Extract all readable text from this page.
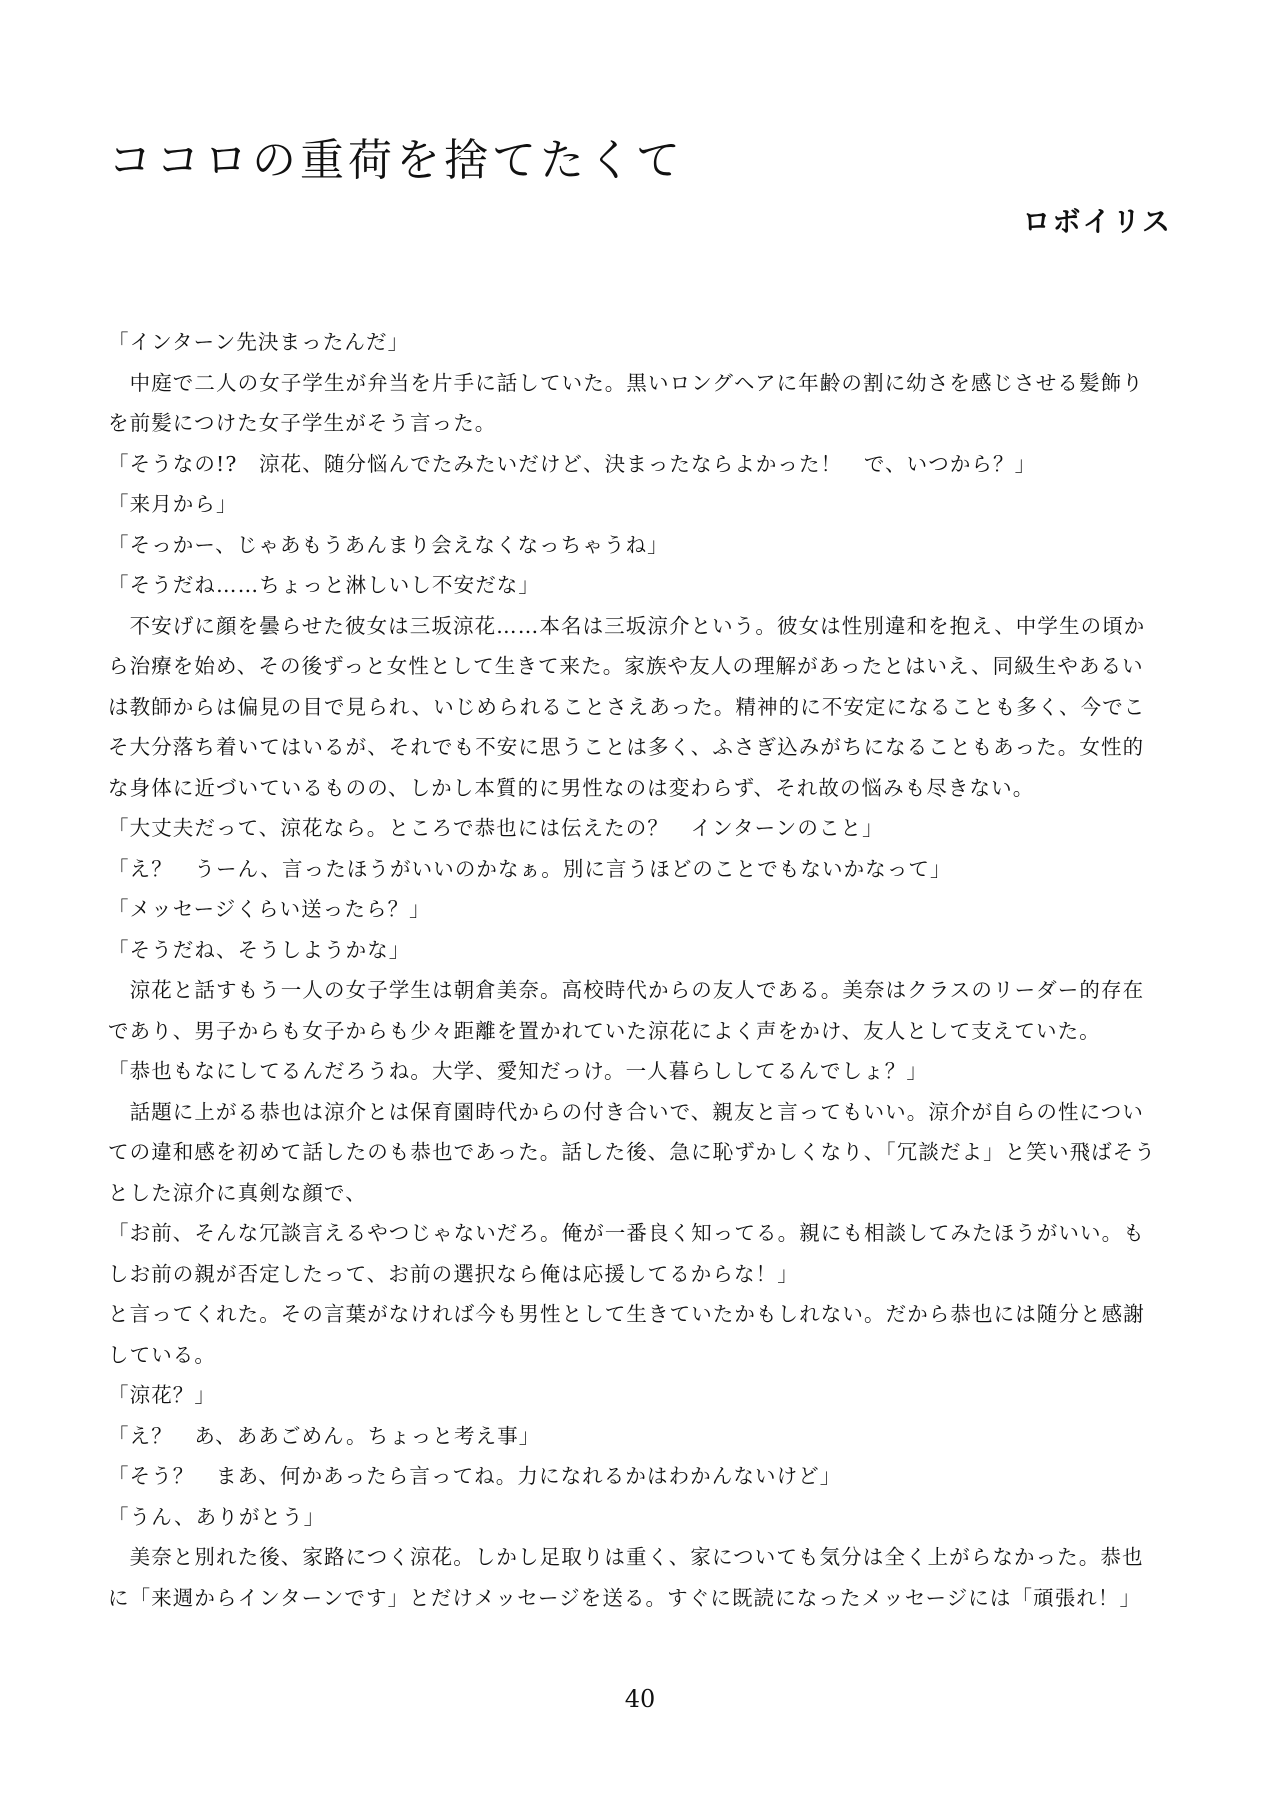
ココロの重荷を捨てたくて
ロボイリス
「インターン先決まったんだ」
　中庭で二人の女子学生が弁当を片手に話していた。黒いロングヘアに年齢の割に幼さを感じさせる髪飾り
を前髪につけた女子学生がそう言った。
「そうなの!?　涼花、随分悩んでたみたいだけど、決まったならよかった！　で、いつから？」
「来月から」
「そっかー、じゃあもうあんまり会えなくなっちゃうね」
「そうだね……ちょっと淋しいし不安だな」
　不安げに顔を曇らせた彼女は三坂涼花……本名は三坂涼介という。彼女は性別違和を抱え、中学生の頃か
ら治療を始め、その後ずっと女性として生きて来た。家族や友人の理解があったとはいえ、同級生やあるい
は教師からは偏見の目で見られ、いじめられることさえあった。精神的に不安定になることも多く、今でこ
そ大分落ち着いてはいるが、それでも不安に思うことは多く、ふさぎ込みがちになることもあった。女性的
な身体に近づいているものの、しかし本質的に男性なのは変わらず、それ故の悩みも尽きない。
「大丈夫だって、涼花なら。ところで恭也には伝えたの？　インターンのこと」
「え？　うーん、言ったほうがいいのかなぁ。別に言うほどのことでもないかなって」
「メッセージくらい送ったら？」
「そうだね、そうしようかな」
　涼花と話すもう一人の女子学生は朝倉美奈。高校時代からの友人である。美奈はクラスのリーダー的存在
であり、男子からも女子からも少々距離を置かれていた涼花によく声をかけ、友人として支えていた。
「恭也もなにしてるんだろうね。大学、愛知だっけ。一人暮らししてるんでしょ？」
　話題に上がる恭也は涼介とは保育園時代からの付き合いで、親友と言ってもいい。涼介が自らの性につい
ての違和感を初めて話したのも恭也であった。話した後、急に恥ずかしくなり、「冗談だよ」と笑い飛ばそう
とした涼介に真剣な顔で、
「お前、そんな冗談言えるやつじゃないだろ。俺が一番良く知ってる。親にも相談してみたほうがいい。も
しお前の親が否定したって、お前の選択なら俺は応援してるからな！」
と言ってくれた。その言葉がなければ今も男性として生きていたかもしれない。だから恭也には随分と感謝
している。
「涼花？」
「え？　あ、ああごめん。ちょっと考え事」
「そう？　まあ、何かあったら言ってね。力になれるかはわかんないけど」
「うん、ありがとう」
　美奈と別れた後、家路につく涼花。しかし足取りは重く、家についても気分は全く上がらなかった。恭也
に「来週からインターンです」とだけメッセージを送る。すぐに既読になったメッセージには「頑張れ！」
40
